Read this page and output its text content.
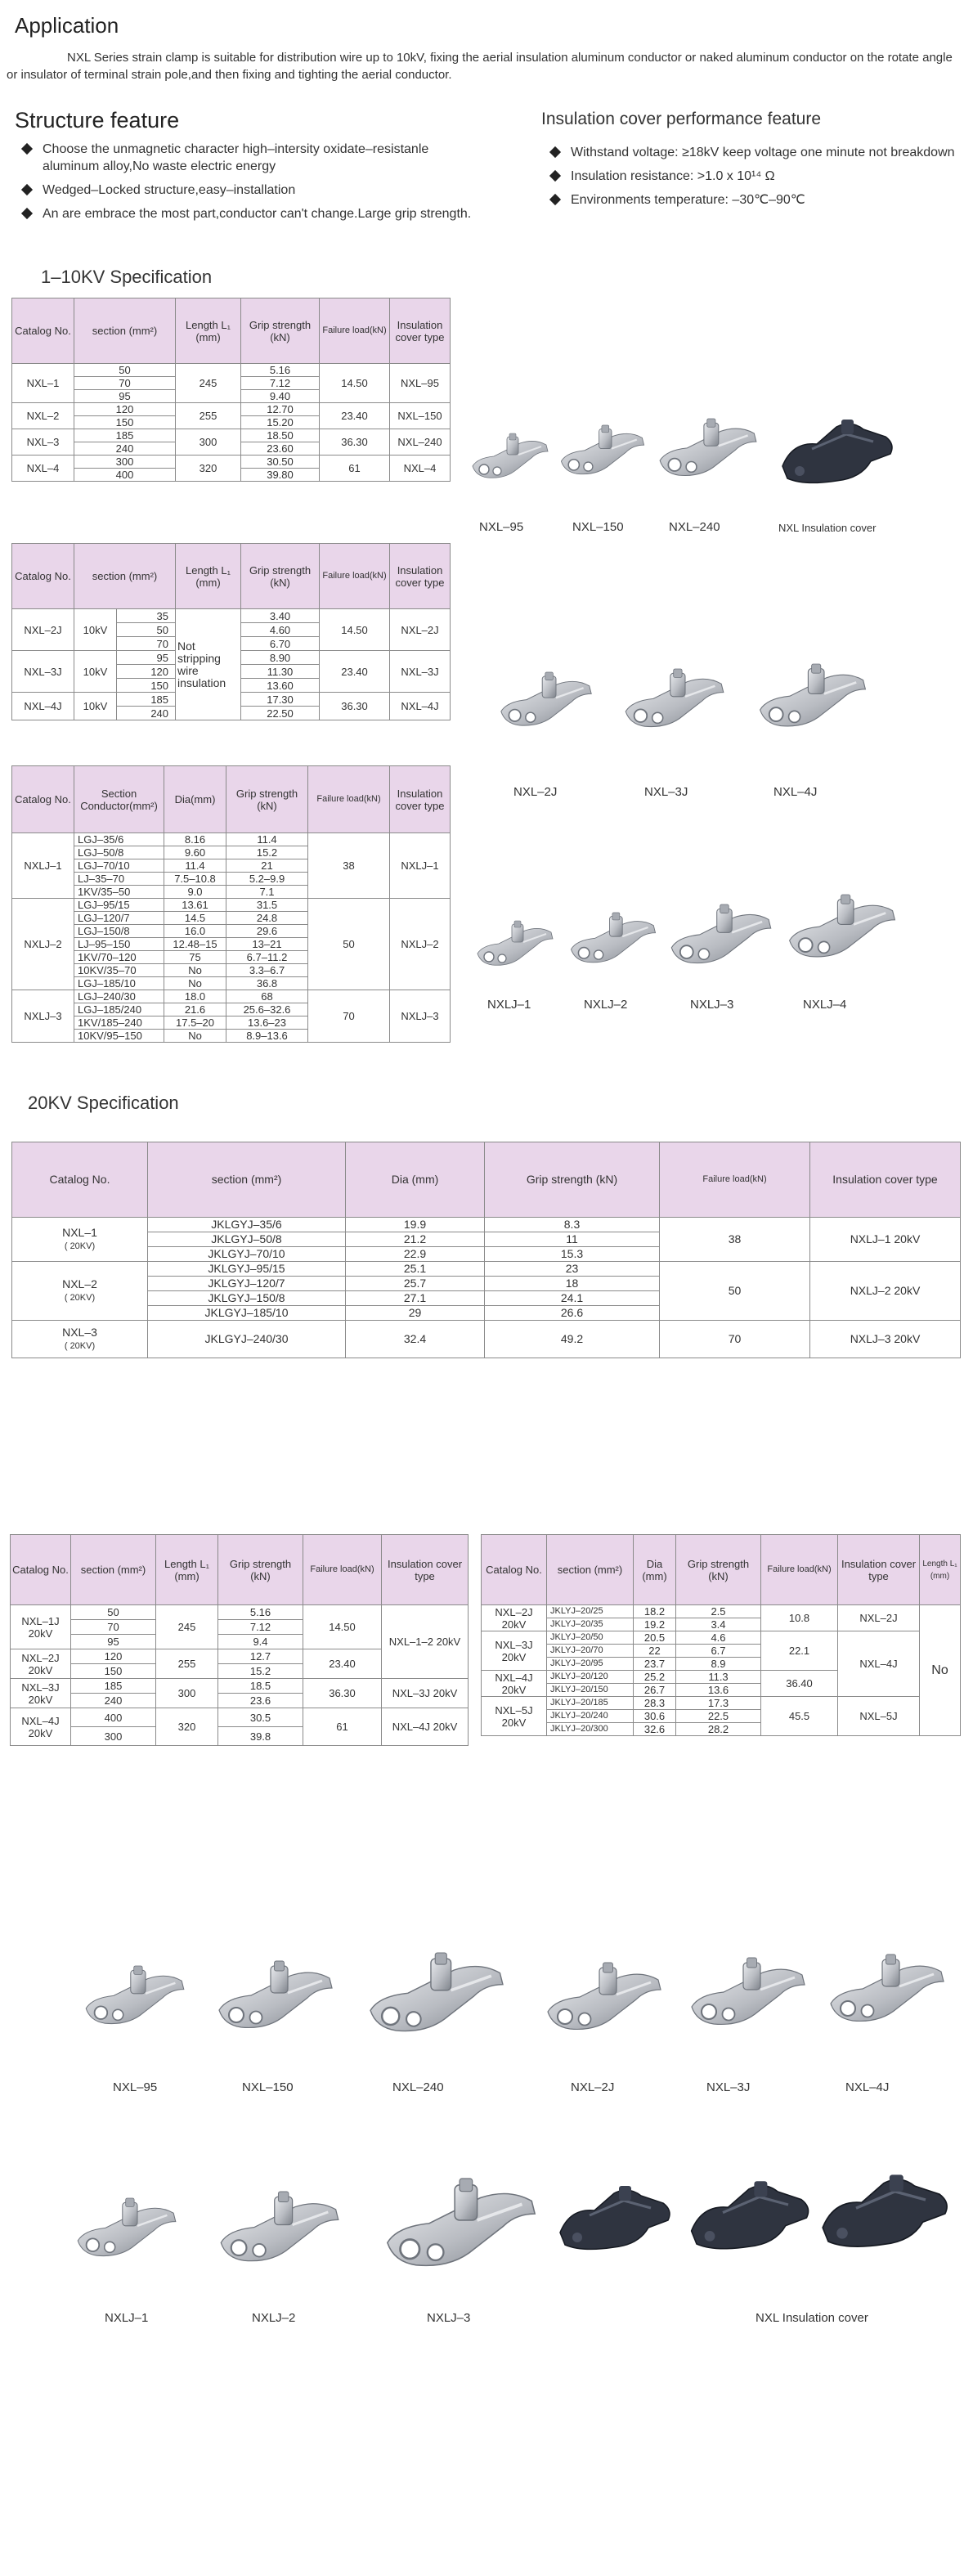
Application
NXL Series strain clamp is suitable for distribution wire up to 10kV, fixing the aerial insulation aluminum conductor or naked aluminum conductor on the rotate angle or insulator of terminal strain pole,and then fixing and tighting the aerial conductor.
Structure feature
Choose the unmagnetic character high–intersity oxidate–resistanle aluminum alloy,No waste electric energy
Wedged–Locked structure,easy–installation
An are embrace the most part,conductor can't change.Large grip strength.
Insulation cover performance feature
Withstand voltage: ≥18kV keep voltage one minute not breakdown
Insulation resistance: >1.0 x 10¹⁴ Ω
Environments temperature: –30℃–90℃
1–10KV Specification
Catalog No.	section (mm²)	Length L₁ (mm)	Grip strength (kN)	Failure load(kN)	Insulation cover type
NXL–1	50	245	5.16	14.50	NXL–95
	70		7.12		
	95		9.40		
NXL–2	120	255	12.70	23.40	NXL–150
	150		15.20		
NXL–3	185	300	18.50	36.30	NXL–240
	240		23.60		
NXL–4	300	320	30.50	61	NXL–4
	400		39.80		
Catalog No.	section (mm²)		Length L₁ (mm)	Grip strength (kN)	Failure load(kN)	Insulation cover type
NXL–2J	10kV	35	Not stripping wire insulation	3.40	14.50	NXL–2J
		50		4.60		
		70		6.70		
NXL–3J	10kV	95		8.90	23.40	NXL–3J
		120		11.30		
		150		13.60		
NXL–4J	10kV	185		17.30	36.30	NXL–4J
		240		22.50		
Catalog No.	Section Conductor(mm²)	Dia(mm)	Grip strength (kN)	Failure load(kN)	Insulation cover type
NXLJ–1	LGJ–35/6	8.16	11.4	38	NXLJ–1
	LGJ–50/8	9.60	15.2		
	LGJ–70/10	11.4	21		
	LJ–35–70	7.5–10.8	5.2–9.9		
	1KV/35–50	9.0	7.1		
NXLJ–2	LGJ–95/15	13.61	31.5	50	NXLJ–2
	LGJ–120/7	14.5	24.8		
	LGJ–150/8	16.0	29.6		
	LJ–95–150	12.48–15	13–21		
	1KV/70–120	75	6.7–11.2		
	10KV/35–70	No	3.3–6.7		
	LGJ–185/10	No	36.8		
NXLJ–3	LGJ–240/30	18.0	68	70	NXLJ–3
	LGJ–185/240	21.6	25.6–32.6		
	1KV/185–240	17.5–20	13.6–23		
	10KV/95–150	No	8.9–13.6		
20KV Specification
Catalog No.	section (mm²)	Dia (mm)	Grip strength (kN)	Failure load(kN)	Insulation cover type

NXL–1
( 20KV)	JKLGYJ–35/6	19.9	8.3	38	NXLJ–1 20kV
	JKLGYJ–50/8	21.2	11		
	JKLGYJ–70/10	22.9	15.3		

NXL–2
( 20KV)	JKLGYJ–95/15	25.1	23	50	NXLJ–2 20kV
	JKLGYJ–120/7	25.7	18		
	JKLGYJ–150/8	27.1	24.1		
	JKLGYJ–185/10	29	26.6		

NXL–3
( 20KV)	JKLGYJ–240/30	32.4	49.2	70	NXLJ–3 20kV
Catalog No.	section (mm²)	Length L₁ (mm)	Grip strength (kN)	Failure load(kN)	Insulation cover type
NXL–1J 20kV	50	245	5.16	14.50	NXL–1–2 20kV
	70		7.12		
	95		9.4		
NXL–2J 20kV	120	255	12.7	23.40	
	150		15.2		
NXL–3J 20kV	185	300	18.5	36.30	NXL–3J 20kV
	240		23.6		
NXL–4J 20kV	400	320	30.5	61	NXL–4J 20kV
	300		39.8		
Catalog No.	section (mm²)	Dia (mm)	Grip strength (kN)	Failure load(kN)	Insulation cover type	Length L₁ (mm)
NXL–2J 20kV	JKLYJ–20/25	18.2	2.5	10.8	NXL–2J	No
	JKLYJ–20/35	19.2	3.4			
NXL–3J 20kV	JKLYJ–20/50	20.5	4.6	22.1	NXL–4J	
	JKLYJ–20/70	22	6.7			
	JKLYJ–20/95	23.7	8.9			
NXL–4J 20kV	JKLYJ–20/120	25.2	11.3	36.40		
	JKLYJ–20/150	26.7	13.6			
NXL–5J 20kV	JKLYJ–20/185	28.3	17.3	45.5	NXL–5J	
	JKLYJ–20/240	30.6	22.5			
	JKLYJ–20/300	32.6	28.2			
NXL–95	NXL–150	NXL–240	NXL Insulation cover
NXL–2J	NXL–3J	NXL–4J
NXLJ–1	NXLJ–2	NXLJ–3	NXLJ–4
NXL–95	NXL–150	NXL–240	NXL–2J	NXL–3J	NXL–4J
NXLJ–1	NXLJ–2	NXLJ–3	NXL Insulation cover
